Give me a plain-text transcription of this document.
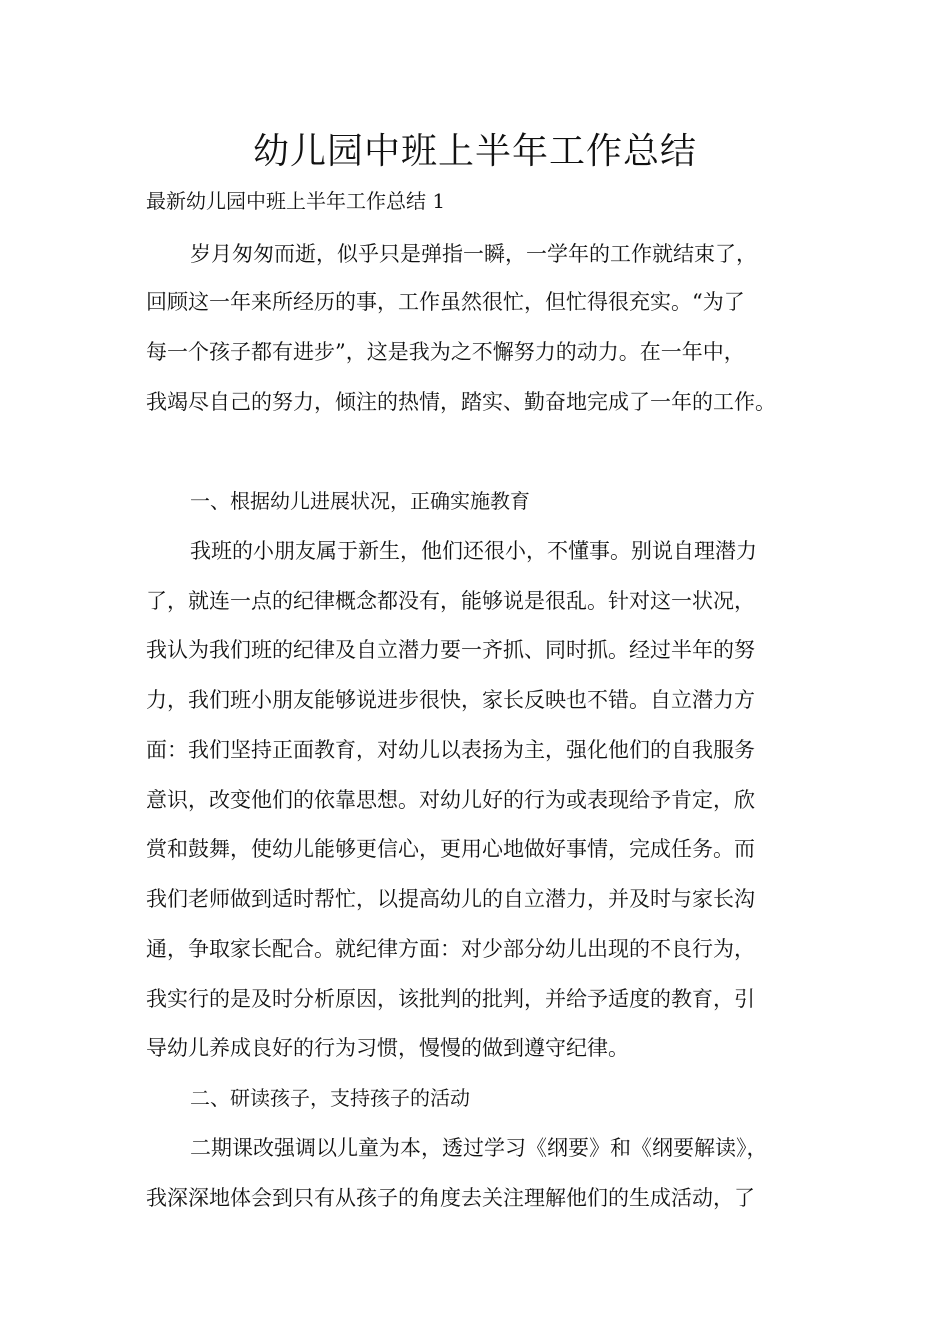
幼儿园中班上半年工作总结
最新幼儿园中班上半年工作总结 1
岁月匆匆而逝，似乎只是弹指一瞬，一学年的工作就结束了，
回顾这一年来所经历的事，工作虽然很忙，但忙得很充实。“为了
每一个孩子都有进步”，这是我为之不懈努力的动力。在一年中，
我竭尽自己的努力，倾注的热情，踏实、勤奋地完成了一年的工作。
一、根据幼儿进展状况，正确实施教育
我班的小朋友属于新生，他们还很小，不懂事。别说自理潜力
了，就连一点的纪律概念都没有，能够说是很乱。针对这一状况，
我认为我们班的纪律及自立潜力要一齐抓、同时抓。经过半年的努
力，我们班小朋友能够说进步很快，家长反映也不错。自立潜力方
面：我们坚持正面教育，对幼儿以表扬为主，强化他们的自我服务
意识，改变他们的依靠思想。对幼儿好的行为或表现给予肯定，欣
赏和鼓舞，使幼儿能够更信心，更用心地做好事情，完成任务。而
我们老师做到适时帮忙，以提高幼儿的自立潜力，并及时与家长沟
通，争取家长配合。就纪律方面：对少部分幼儿出现的不良行为，
我实行的是及时分析原因，该批判的批判，并给予适度的教育，引
导幼儿养成良好的行为习惯，慢慢的做到遵守纪律。
二、研读孩子，支持孩子的活动
二期课改强调以儿童为本，透过学习《纲要》和《纲要解读》，
我深深地体会到只有从孩子的角度去关注理解他们的生成活动，了
